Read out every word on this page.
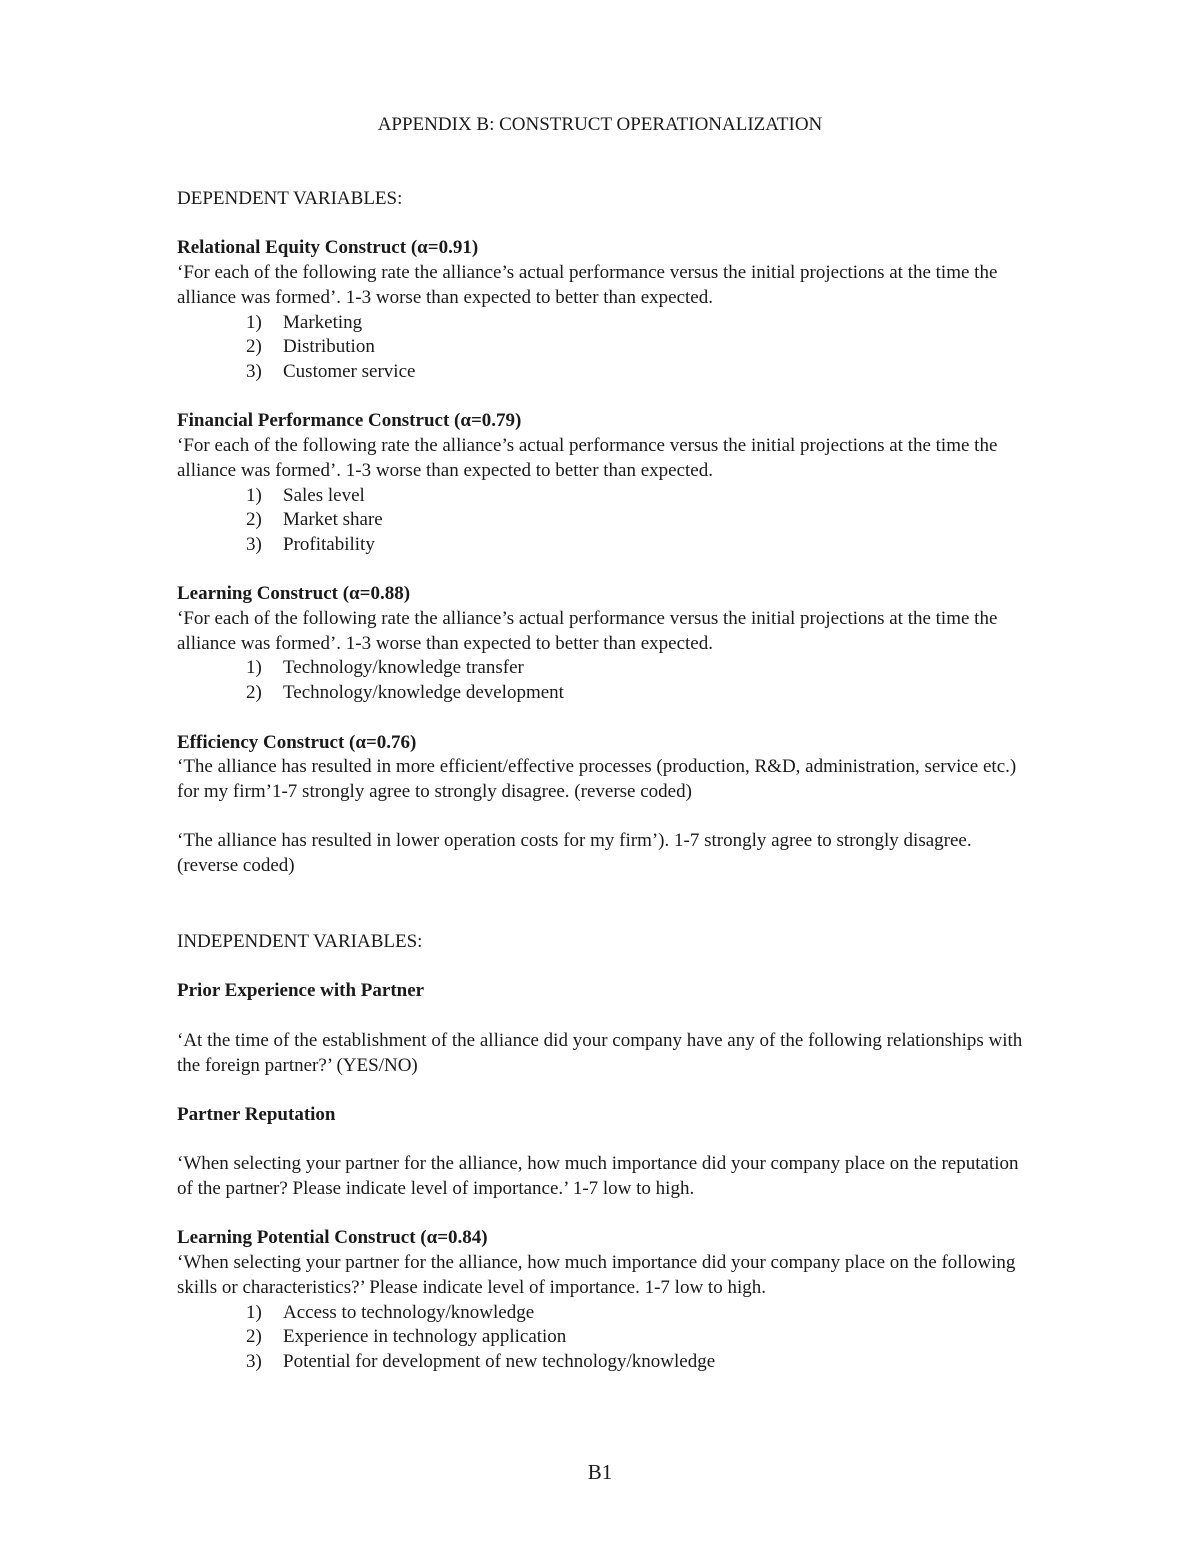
APPENDIX B: CONSTRUCT OPERATIONALIZATION
DEPENDENT VARIABLES:
Relational Equity Construct (α=0.91)

‘For each of the following rate the alliance’s actual performance versus the initial projections at the time the alliance was formed’. 1-3 worse than expected to better than expected.

1) Marketing
2) Distribution
3) Customer service
Financial Performance Construct (α=0.79)

‘For each of the following rate the alliance’s actual performance versus the initial projections at the time the alliance was formed’. 1-3 worse than expected to better than expected.

1) Sales level
2) Market share
3) Profitability
Learning Construct (α=0.88)

‘For each of the following rate the alliance’s actual performance versus the initial projections at the time the alliance was formed’. 1-3 worse than expected to better than expected.

1) Technology/knowledge transfer
2) Technology/knowledge development
Efficiency Construct (α=0.76)

‘The alliance has resulted in more efficient/effective processes (production, R&D, administration, service etc.) for my firm’1-7 strongly agree to strongly disagree. (reverse coded)

‘The alliance has resulted in lower operation costs for my firm’). 1-7 strongly agree to strongly disagree. (reverse coded)

INDEPENDENT VARIABLES:
Prior Experience with Partner

‘At the time of the establishment of the alliance did your company have any of the following relationships with the foreign partner?’ (YES/NO)

Partner Reputation

‘When selecting your partner for the alliance, how much importance did your company place on the reputation of the partner? Please indicate level of importance.’ 1-7 low to high.

Learning Potential Construct (α=0.84)

‘When selecting your partner for the alliance, how much importance did your company place on the following skills or characteristics?’ Please indicate level of importance. 1-7 low to high.

1) Access to technology/knowledge
2) Experience in technology application
3) Potential for development of new technology/knowledge
B1
